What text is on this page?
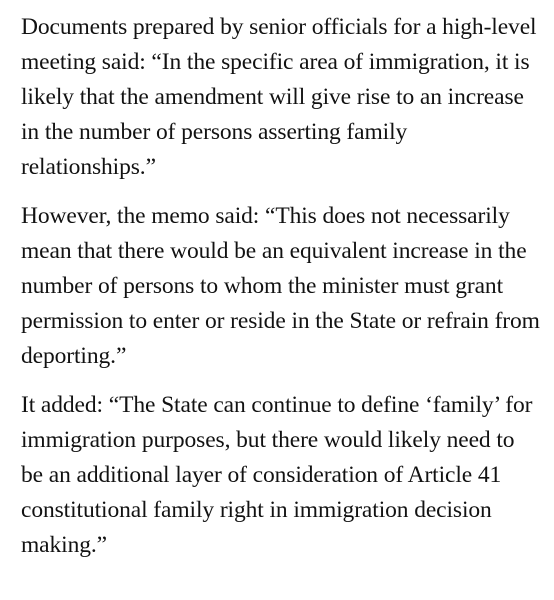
Documents prepared by senior officials for a high-level meeting said: “In the specific area of immigration, it is likely that the amendment will give rise to an increase in the number of persons asserting family relationships.”

However, the memo said: “This does not necessarily mean that there would be an equivalent increase in the number of persons to whom the minister must grant permission to enter or reside in the State or refrain from deporting.”

It added: “The State can continue to define ‘family’ for immigration purposes, but there would likely need to be an additional layer of consideration of Article 41 constitutional family right in immigration decision making.”
